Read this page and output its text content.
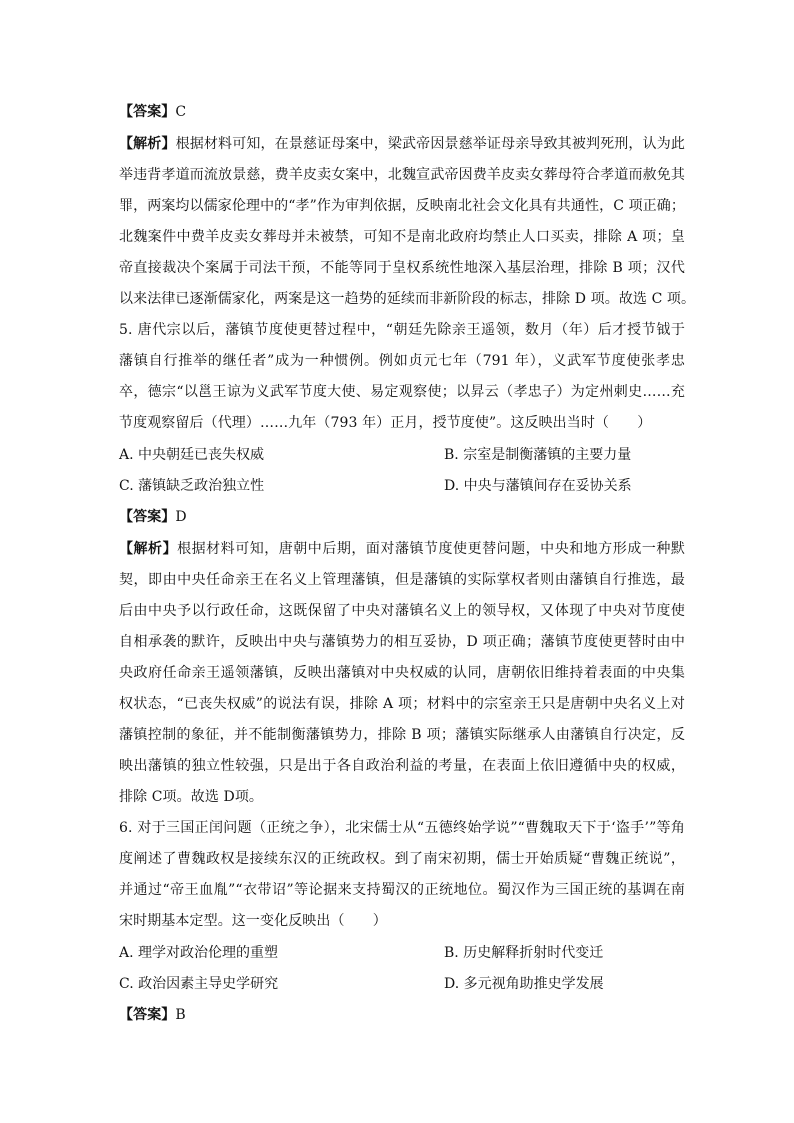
【答案】C
【解析】根据材料可知，在景慈证母案中，梁武帝因景慈举证母亲导致其被判死刑，认为此
举违背孝道而流放景慈，费羊皮卖女案中，北魏宣武帝因费羊皮卖女葬母符合孝道而赦免其
罪，两案均以儒家伦理中的“孝”作为审判依据，反映南北社会文化具有共通性，C 项正确；
北魏案件中费羊皮卖女葬母并未被禁，可知不是南北政府均禁止人口买卖，排除 A 项；皇
帝直接裁决个案属于司法干预，不能等同于皇权系统性地深入基层治理，排除 B 项；汉代
以来法律已逐渐儒家化，两案是这一趋势的延续而非新阶段的标志，排除 D 项。故选 C 项。
5. 唐代宗以后，藩镇节度使更替过程中，“朝廷先除亲王遥领，数月（年）后才授节钺于
藩镇自行推举的继任者”成为一种惯例。例如贞元七年（791 年），义武军节度使张孝忠
卒，德宗“以邕王谅为义武军节度大使、易定观察使；以昇云（孝忠子）为定州刺史……充
节度观察留后（代理）……九年（793 年）正月，授节度使”。这反映出当时（　　）
A. 中央朝廷已丧失权威	B. 宗室是制衡藩镇的主要力量
C. 藩镇缺乏政治独立性	D. 中央与藩镇间存在妥协关系
【答案】D
【解析】根据材料可知，唐朝中后期，面对藩镇节度使更替问题，中央和地方形成一种默
契，即由中央任命亲王在名义上管理藩镇，但是藩镇的实际掌权者则由藩镇自行推选，最
后由中央予以行政任命，这既保留了中央对藩镇名义上的领导权，又体现了中央对节度使
自相承袭的默许，反映出中央与藩镇势力的相互妥协，D 项正确；藩镇节度使更替时由中
央政府任命亲王遥领藩镇，反映出藩镇对中央权威的认同，唐朝依旧维持着表面的中央集
权状态，“已丧失权威”的说法有误，排除 A 项；材料中的宗室亲王只是唐朝中央名义上对
藩镇控制的象征，并不能制衡藩镇势力，排除 B 项；藩镇实际继承人由藩镇自行决定，反
映出藩镇的独立性较强，只是出于各自政治利益的考量，在表面上依旧遵循中央的权威，
排除 C项。故选 D项。
6. 对于三国正闰问题（正统之争），北宋儒士从“五德终始学说”“曹魏取天下于‘盗手’”等角
度阐述了曹魏政权是接续东汉的正统政权。到了南宋初期，儒士开始质疑“曹魏正统说”，
并通过“帝王血胤”“衣带诏”等论据来支持蜀汉的正统地位。蜀汉作为三国正统的基调在南
宋时期基本定型。这一变化反映出（　　）
A. 理学对政治伦理的重塑	B. 历史解释折射时代变迁
C. 政治因素主导史学研究	D. 多元视角助推史学发展
【答案】B
